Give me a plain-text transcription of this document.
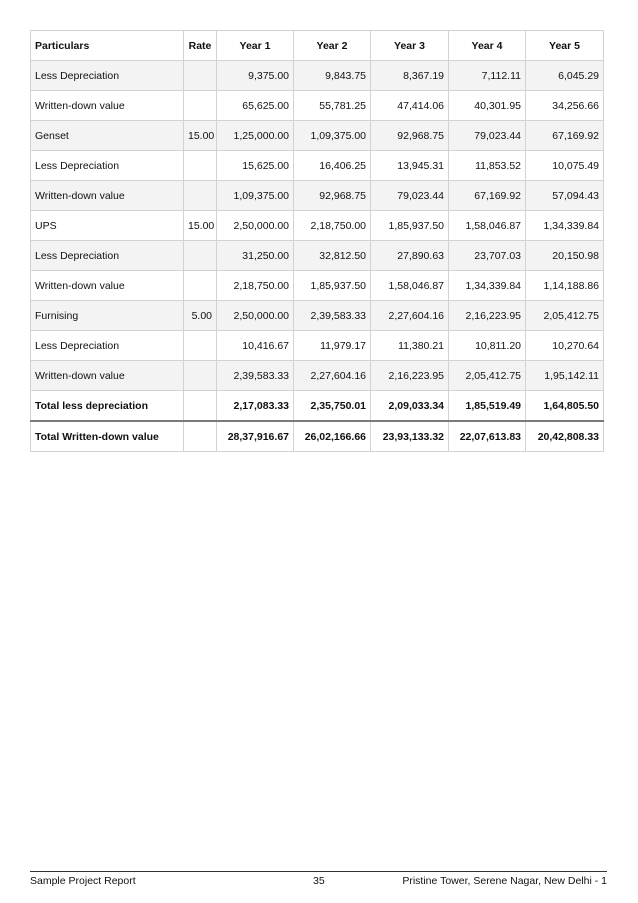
Particulars	Rate	Year 1	Year 2	Year 3	Year 4	Year 5
Less Depreciation		9,375.00	9,843.75	8,367.19	7,112.11	6,045.29
Written-down value		65,625.00	55,781.25	47,414.06	40,301.95	34,256.66
Genset	15.00	1,25,000.00	1,09,375.00	92,968.75	79,023.44	67,169.92
Less Depreciation		15,625.00	16,406.25	13,945.31	11,853.52	10,075.49
Written-down value		1,09,375.00	92,968.75	79,023.44	67,169.92	57,094.43
UPS	15.00	2,50,000.00	2,18,750.00	1,85,937.50	1,58,046.87	1,34,339.84
Less Depreciation		31,250.00	32,812.50	27,890.63	23,707.03	20,150.98
Written-down value		2,18,750.00	1,85,937.50	1,58,046.87	1,34,339.84	1,14,188.86
Furnising	5.00	2,50,000.00	2,39,583.33	2,27,604.16	2,16,223.95	2,05,412.75
Less Depreciation		10,416.67	11,979.17	11,380.21	10,811.20	10,270.64
Written-down value		2,39,583.33	2,27,604.16	2,16,223.95	2,05,412.75	1,95,142.11
Total less depreciation		2,17,083.33	2,35,750.01	2,09,033.34	1,85,519.49	1,64,805.50
Total Written-down value		28,37,916.67	26,02,166.66	23,93,133.32	22,07,613.83	20,42,808.33
Sample Project Report	35	Pristine Tower, Serene Nagar, New Delhi - 1
